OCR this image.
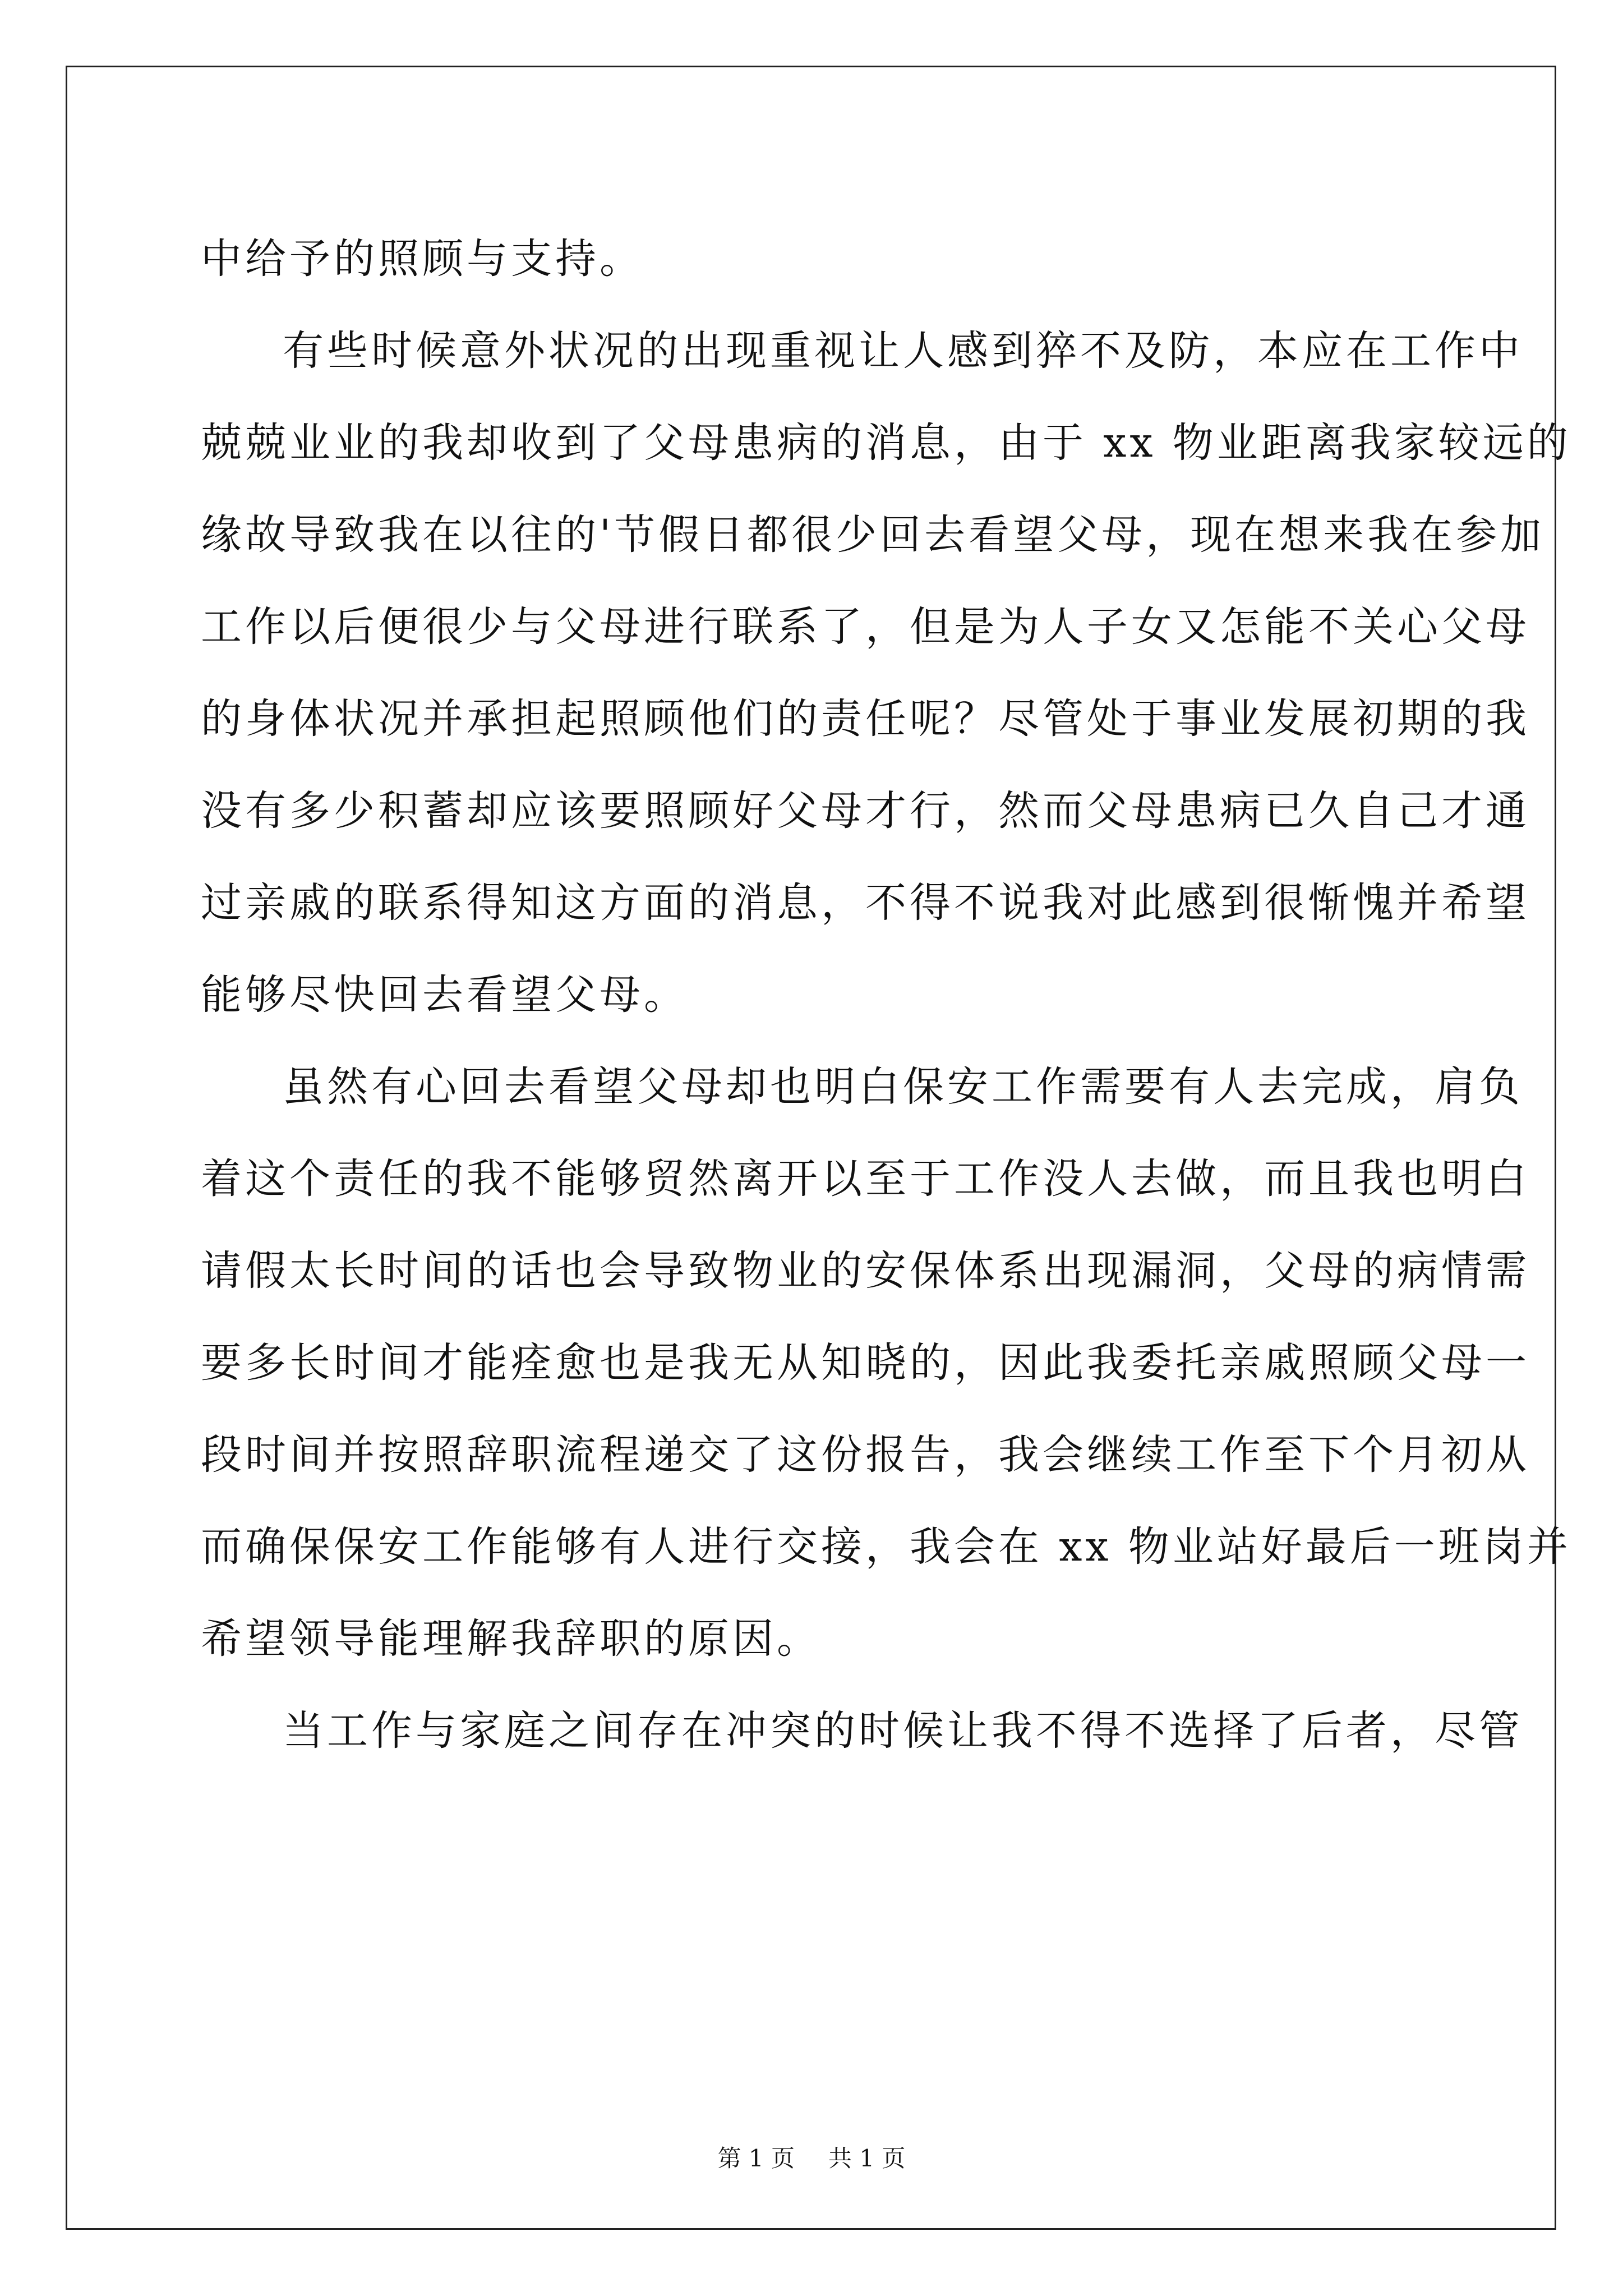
中给予的照顾与支持。
有些时候意外状况的出现重视让人感到猝不及防，本应在工作中
兢兢业业的我却收到了父母患病的消息，由于 xx 物业距离我家较远的
缘故导致我在以往的'节假日都很少回去看望父母，现在想来我在参加
工作以后便很少与父母进行联系了，但是为人子女又怎能不关心父母
的身体状况并承担起照顾他们的责任呢？尽管处于事业发展初期的我
没有多少积蓄却应该要照顾好父母才行，然而父母患病已久自己才通
过亲戚的联系得知这方面的消息，不得不说我对此感到很惭愧并希望
能够尽快回去看望父母。
虽然有心回去看望父母却也明白保安工作需要有人去完成，肩负
着这个责任的我不能够贸然离开以至于工作没人去做，而且我也明白
请假太长时间的话也会导致物业的安保体系出现漏洞，父母的病情需
要多长时间才能痊愈也是我无从知晓的，因此我委托亲戚照顾父母一
段时间并按照辞职流程递交了这份报告，我会继续工作至下个月初从
而确保保安工作能够有人进行交接，我会在 xx 物业站好最后一班岗并
希望领导能理解我辞职的原因。
当工作与家庭之间存在冲突的时候让我不得不选择了后者，尽管
第 1 页 共 1 页
